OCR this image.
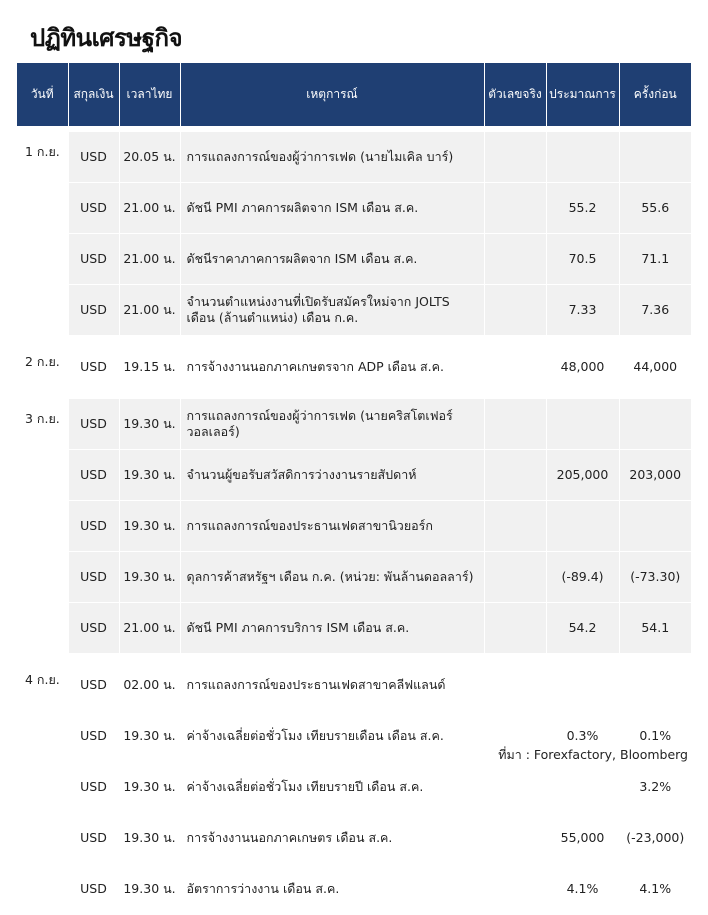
ปฏิทินเศรษฐกิจ
วันที่	สกุลเงิน	เวลาไทย	เหตุการณ์	ตัวเลขจริง	ประมาณการ	ครั้งก่อน

1 ก.ย.	USD	20.05 น.	การแถลงการณ์ของผู้ว่าการเฟด (นายไมเคิล บาร์)			
	USD	21.00 น.	ดัชนี PMI ภาคการผลิตจาก ISM เดือน ส.ค.		55.2	55.6
	USD	21.00 น.	ดัชนีราคาภาคการผลิตจาก ISM เดือน ส.ค.		70.5	71.1
	USD	21.00 น.	จำนวนตำแหน่งงานที่เปิดรับสมัครใหม่จาก JOLTS เดือน (ล้านตำแหน่ง) เดือน ก.ค.		7.33	7.36

2 ก.ย.	USD	19.15 น.	การจ้างงานนอกภาคเกษตรจาก ADP เดือน ส.ค.		48,000	44,000

3 ก.ย.	USD	19.30 น.	การแถลงการณ์ของผู้ว่าการเฟด (นายคริสโตเฟอร์ วอลเลอร์)			
	USD	19.30 น.	จำนวนผู้ขอรับสวัสดิการว่างงานรายสัปดาห์		205,000	203,000
	USD	19.30 น.	การแถลงการณ์ของประธานเฟดสาขานิวยอร์ก			
	USD	19.30 น.	ดุลการค้าสหรัฐฯ เดือน ก.ค. (หน่วย: พันล้านดอลลาร์)		(-89.4)	(-73.30)
	USD	21.00 น.	ดัชนี PMI ภาคการบริการ ISM เดือน ส.ค.		54.2	54.1

4 ก.ย.	USD	02.00 น.	การแถลงการณ์ของประธานเฟดสาขาคลีฟแลนด์			
	USD	19.30 น.	ค่าจ้างเฉลี่ยต่อชั่วโมง เทียบรายเดือน เดือน ส.ค.		0.3%	0.1%
	USD	19.30 น.	ค่าจ้างเฉลี่ยต่อชั่วโมง เทียบรายปี เดือน ส.ค.			3.2%
	USD	19.30 น.	การจ้างงานนอกภาคเกษตร เดือน ส.ค.		55,000	(-23,000)
	USD	19.30 น.	อัตราการว่างงาน เดือน ส.ค.		4.1%	4.1%
ที่มา : Forexfactory, Bloomberg
